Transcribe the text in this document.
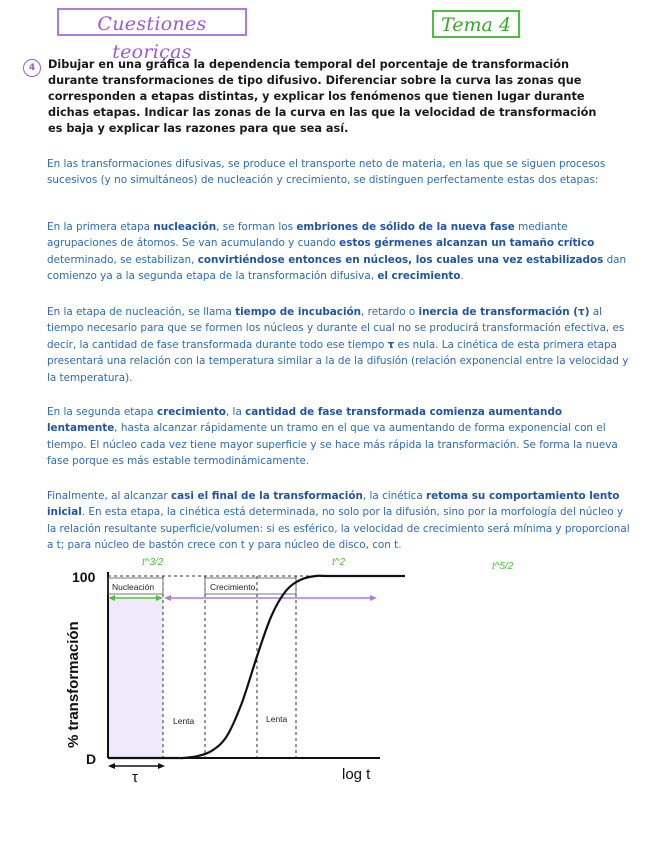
Cuestiones teoricas
Tema 4
4	Dibujar en una gráfica la dependencia temporal del porcentaje de transformación durante transformaciones de tipo difusivo. Diferenciar sobre la curva las zonas que corresponden a etapas distintas, y explicar los fenómenos que tienen lugar durante dichas etapas. Indicar las zonas de la curva en las que la velocidad de transformación es baja y explicar las razones para que sea así.

En las transformaciones difusivas, se produce el transporte neto de materia, en las que se siguen procesos sucesivos (y no simultáneos) de nucleación y crecimiento, se distinguen perfectamente estas dos etapas:

En la primera etapa nucleación, se forman los embriones de sólido de la nueva fase mediante agrupaciones de átomos. Se van acumulando y cuando estos gérmenes alcanzan un tamaño crítico determinado, se estabilizan, convirtiéndose entonces en núcleos, los cuales una vez estabilizados dan comienzo ya a la segunda etapa de la transformación difusiva, el crecimiento.

En la etapa de nucleación, se llama tiempo de incubación, retardo o inercia de transformación (τ) al tiempo necesario para que se formen los núcleos y durante el cual no se producirá transformación efectiva, es decir, la cantidad de fase transformada durante todo ese tiempo τ es nula. La cinética de esta primera etapa presentará una relación con la temperatura similar a la de la difusión (relación exponencial entre la velocidad y la temperatura).

En la segunda etapa crecimiento, la cantidad de fase transformada comienza aumentando lentamente, hasta alcanzar rápidamente un tramo en el que va aumentando de forma exponencial con el tiempo. El núcleo cada vez tiene mayor superficie y se hace más rápida la transformación. Se forma la nueva fase porque es más estable termodinámicamente.

Finalmente, al alcanzar casi el final de la transformación, la cinética retoma su comportamiento lento inicial. En esta etapa, la cinética está determinada, no solo por la difusión, sino por la morfología del núcleo y la relación resultante superficie/volumen: si es esférico, la velocidad de crecimiento será mínima y proporcional a t; para núcleo de bastón crece con t y para núcleo de disco, con t.

Nucleación	Crecimiento
Lenta	Lenta
100
D
% transformación
log t
τ
t^3/2	t^2	t^5/2
